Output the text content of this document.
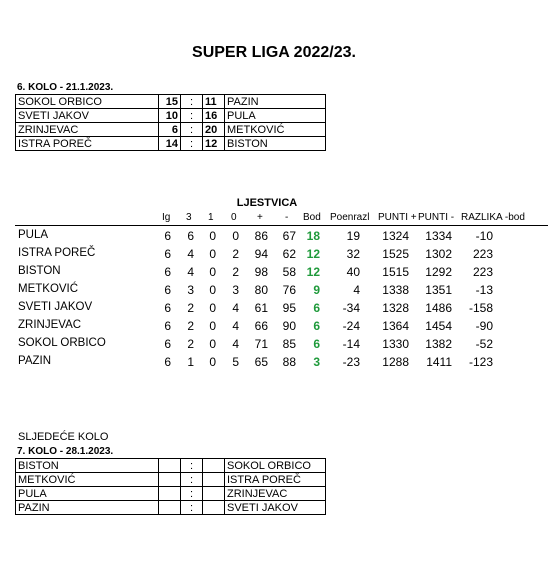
SUPER LIGA 2022/23.
6. KOLO - 21.1.2023.
SOKOL ORBICO	15	:	11	PAZIN
SVETI JAKOV	10	:	16	PULA
ZRINJEVAC	6	:	20	METKOVIĆ
ISTRA POREČ	14	:	12	BISTON
LJESTVICA
Ig 3 1 0 + - Bod Poenrazl PUNTI + PUNTI - RAZLIKA -bod
PULA	6 6 0 0 86 67 18 19 1324 1334 -10
ISTRA POREČ	6 4 0 2 94 62 12 32 1525 1302 223
BISTON	6 4 0 2 98 58 12 40 1515 1292 223
METKOVIĆ	6 3 0 3 80 76 9	4 1338 1351 -13
SVETI JAKOV	6 2 0 4 61 95 6 -34 1328 1486 -158
ZRINJEVAC	6 2 0 4 66 90 6 -24 1364 1454 -90
SOKOL ORBICO	6 2 0 4 71 85 6 -14 1330 1382 -52
PAZIN	6 1 0 5 65 88 3 -23 1288 1411 -123
SLJEDEĆE KOLO
7. KOLO - 28.1.2023.
BISTON		:		SOKOL ORBICO
METKOVIĆ		:		ISTRA POREČ
PULA		:		ZRINJEVAC
PAZIN		:		SVETI JAKOV
